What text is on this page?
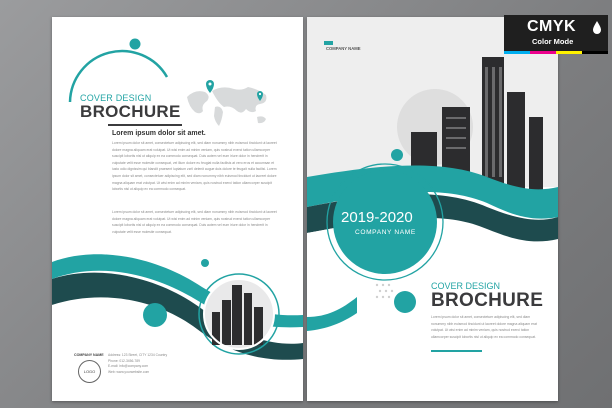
COVER DESIGN
BROCHURE
Lorem ipsum dolor sit amet.
Lorem ipsum dolor sit amet, consectetuer adipiscing elit, sed diam nonummy nibh euismod tincidunt ut laoreet dolore magna aliquam erat volutpat. Ut wisi enim ad minim veniam, quis nostrud exerci tation ullamcorper suscipit lobortis nisl ut aliquip ex ea commodo consequat. Duis autem vel eum iriure dolor in hendrerit in vulputate velit esse molestie consequat, vel illum dolore eu feugiat nulla facilisis at vero eros et accumsan et iusto odio dignissim qui blandit praesent luptatum zzril delenit augue duis dolore te feugait nulla facilisi. Lorem ipsum dolor sit amet, consectetuer adipiscing elit, sed diam nonummy nibh euismod tincidunt ut laoreet dolore magna aliquam erat volutpat. Ut wisi enim ad minim veniam, quis nostrud exerci tation ullamcorper suscipit lobortis nisl ut aliquip ex ea commodo consequat.
Lorem ipsum dolor sit amet, consectetuer adipiscing elit, sed diam nonummy nibh euismod tincidunt ut laoreet dolore magna aliquam erat volutpat. Ut wisi enim ad minim veniam, quis nostrud exerci tation ullamcorper suscipit lobortis nisl ut aliquip ex ea commodo consequat. Duis autem vel eum iriure dolor in hendrerit in vulputate velit esse molestie consequat.
COMPANY NAME
LOGO
Address: 123 Street, CITY 1234 Country
Phone: 012-3456-789
E-mail: info@company.com
Web: www.yourwebsite.com
COMPANY NAME
2019-2020
COMPANY NAME
COVER DESIGN
BROCHURE
Lorem ipsum dolor sit amet, consectetuer adipiscing elit, sed diam nonummy nibh euismod tincidunt ut laoreet dolore magna aliquam erat volutpat. Ut wisi enim ad minim veniam, quis nostrud exerci tation ullamcorper suscipit lobortis nisl ut aliquip ex ea commodo consequat.
CMYK
Color Mode
